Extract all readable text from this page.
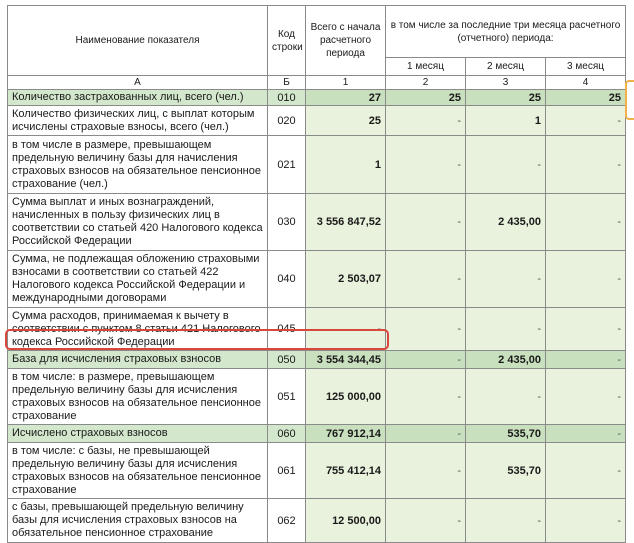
Наименование показателя	Код строки	Всего с начала расчетного периода	в том числе за последние три месяца расчетного (отчетного) периода:		
			1 месяц	2 месяц	3 месяц
А	Б	1	2	3	4
Количество застрахованных лиц, всего (чел.)	010	27	25	25	25
Количество физических лиц, с выплат которым исчислены страховые взносы, всего (чел.)	020	25	-	1	-
в том числе в размере, превышающем предельную величину базы для начисления страховых взносов на обязательное пенсионное страхование (чел.)	021	1	-	-	-
Сумма выплат и иных вознаграждений, начисленных в пользу физических лиц в соответствии со статьей 420 Налогового кодекса Российской Федерации	030	3 556 847,52	-	2 435,00	-
Сумма, не подлежащая обложению страховыми взносами в соответствии со статьей 422 Налогового кодекса Российской Федерации и международными договорами	040	2 503,07	-	-	-
Сумма расходов, принимаемая к вычету в соответствии с пунктом 8 статьи 421 Налогового кодекса Российской Федерации	045	-	-	-	-
База для исчисления страховых взносов	050	3 554 344,45	-	2 435,00	-
в том числе: в размере, превышающем предельную величину базы для исчисления страховых взносов на обязательное пенсионное страхование	051	125 000,00	-	-	-
Исчислено страховых взносов	060	767 912,14	-	535,70	-
в том числе: с базы, не превышающей предельную величину базы для исчисления страховых взносов на обязательное пенсионное страхование	061	755 412,14	-	535,70	-
с базы, превышающей предельную величину базы для исчисления страховых взносов на обязательное пенсионное страхование	062	12 500,00	-	-	-
